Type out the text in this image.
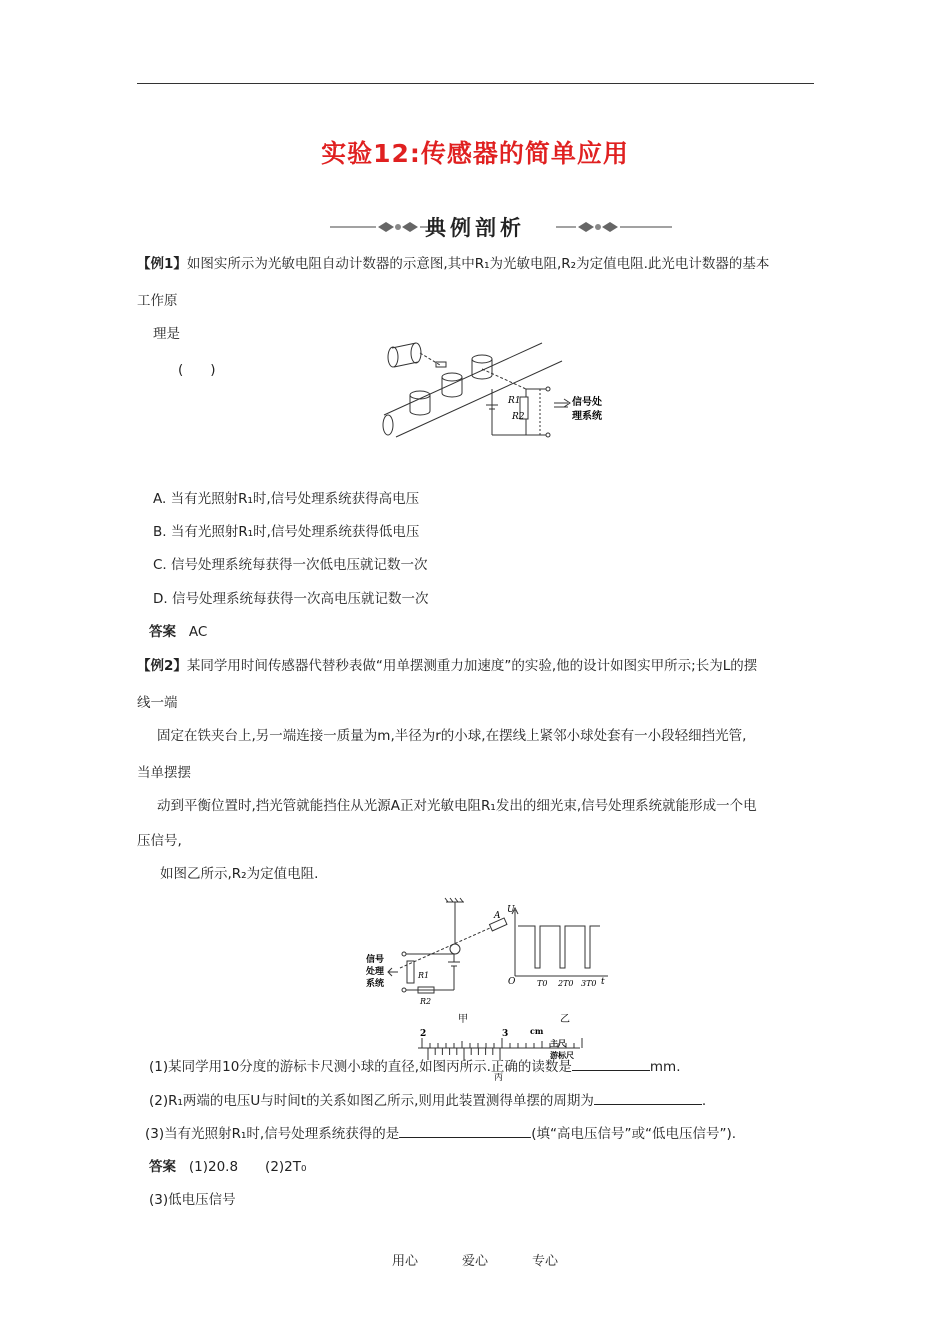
实验12:传感器的简单应用
典例剖析
【例1】如图实所示为光敏电阻自动计数器的示意图,其中R₁为光敏电阻,R₂为定值电阻.此光电计数器的基本
工作原
理是
(　　)
R1
R2
信号处
理系统
A. 当有光照射R₁时,信号处理系统获得高电压
B. 当有光照射R₁时,信号处理系统获得低电压
C. 信号处理系统每获得一次低电压就记数一次
D. 信号处理系统每获得一次高电压就记数一次
答案 AC
【例2】某同学用时间传感器代替秒表做“用单摆测重力加速度”的实验,他的设计如图实甲所示;长为L的摆
线一端
固定在铁夹台上,另一端连接一质量为m,半径为r的小球,在摆线上紧邻小球处套有一小段轻细挡光管,
当单摆摆
动到平衡位置时,挡光管就能挡住从光源A正对光敏电阻R₁发出的细光束,信号处理系统就能形成一个电
压信号,
如图乙所示,R₂为定值电阻.
A
U
O	t
T0 2T0 3T0
信号
处理
系统
R1
R2
甲	乙
2	3	cm
主尺
游标尺
丙
(1)某同学用10分度的游标卡尺测小球的直径,如图丙所示.正确的读数是	mm.
(2)R₁两端的电压U与时间t的关系如图乙所示,则用此装置测得单摆的周期为	.
(3)当有光照射R₁时,信号处理系统获得的是	(填“高电压信号”或“低电压信号”).
答案 (1)20.8　　(2)2T₀
(3)低电压信号
用心	爱心	专心
